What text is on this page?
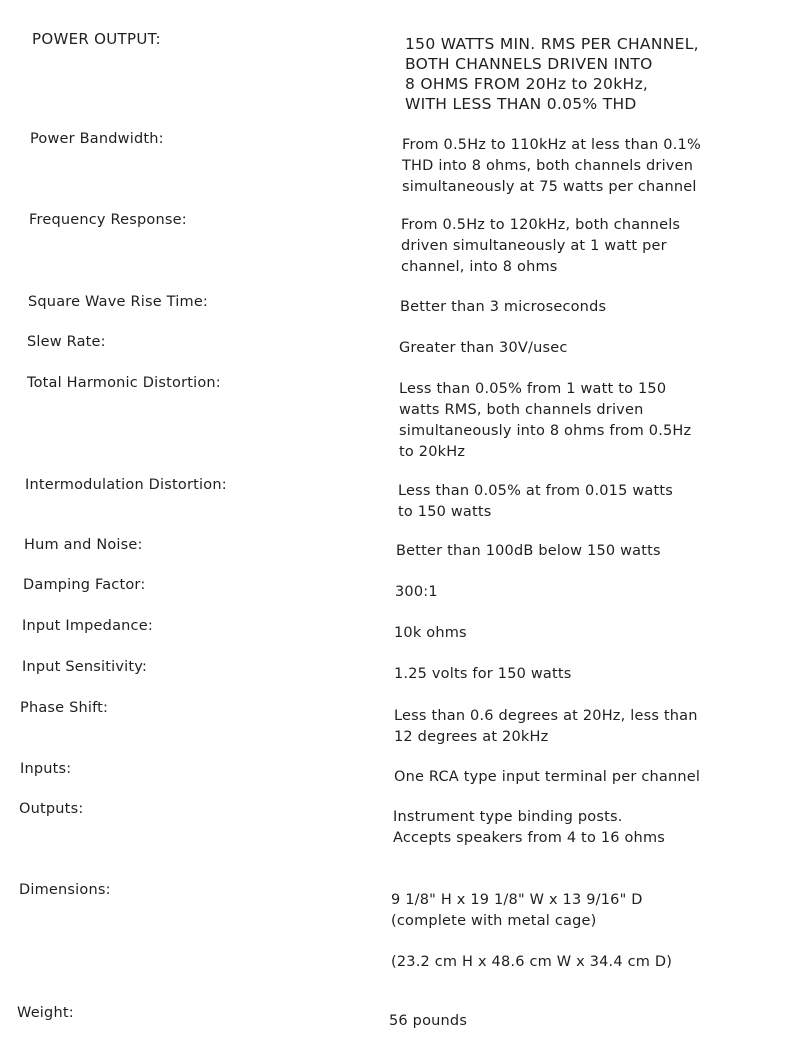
POWER OUTPUT:	150 WATTS MIN. RMS PER CHANNEL,
BOTH CHANNELS DRIVEN INTO
8 OHMS FROM 20Hz to 20kHz,
WITH LESS THAN 0.05% THD
Power Bandwidth:	From 0.5Hz to 110kHz at less than 0.1%
THD into 8 ohms, both channels driven
simultaneously at 75 watts per channel
Frequency Response:	From 0.5Hz to 120kHz, both channels
driven simultaneously at 1 watt per
channel, into 8 ohms
Square Wave Rise Time:	Better than 3 microseconds
Slew Rate:	Greater than 30V/usec
Total Harmonic Distortion:	Less than 0.05% from 1 watt to 150
watts RMS, both channels driven
simultaneously into 8 ohms from 0.5Hz
to 20kHz
Intermodulation Distortion:	Less than 0.05% at from 0.015 watts
to 150 watts
Hum and Noise:	Better than 100dB below 150 watts
Damping Factor:	300:1
Input Impedance:	10k ohms
Input Sensitivity:	1.25 volts for 150 watts
Phase Shift:	Less than 0.6 degrees at 20Hz, less than
12 degrees at 20kHz
Inputs:	One RCA type input terminal per channel
Outputs:	Instrument type binding posts.
Accepts speakers from 4 to 16 ohms
Dimensions:
9 1/8" H x 19 1/8" W x 13 9/16" D
(complete with metal cage)
(23.2 cm H x 48.6 cm W x 34.4 cm D)
Weight:	56 pounds
